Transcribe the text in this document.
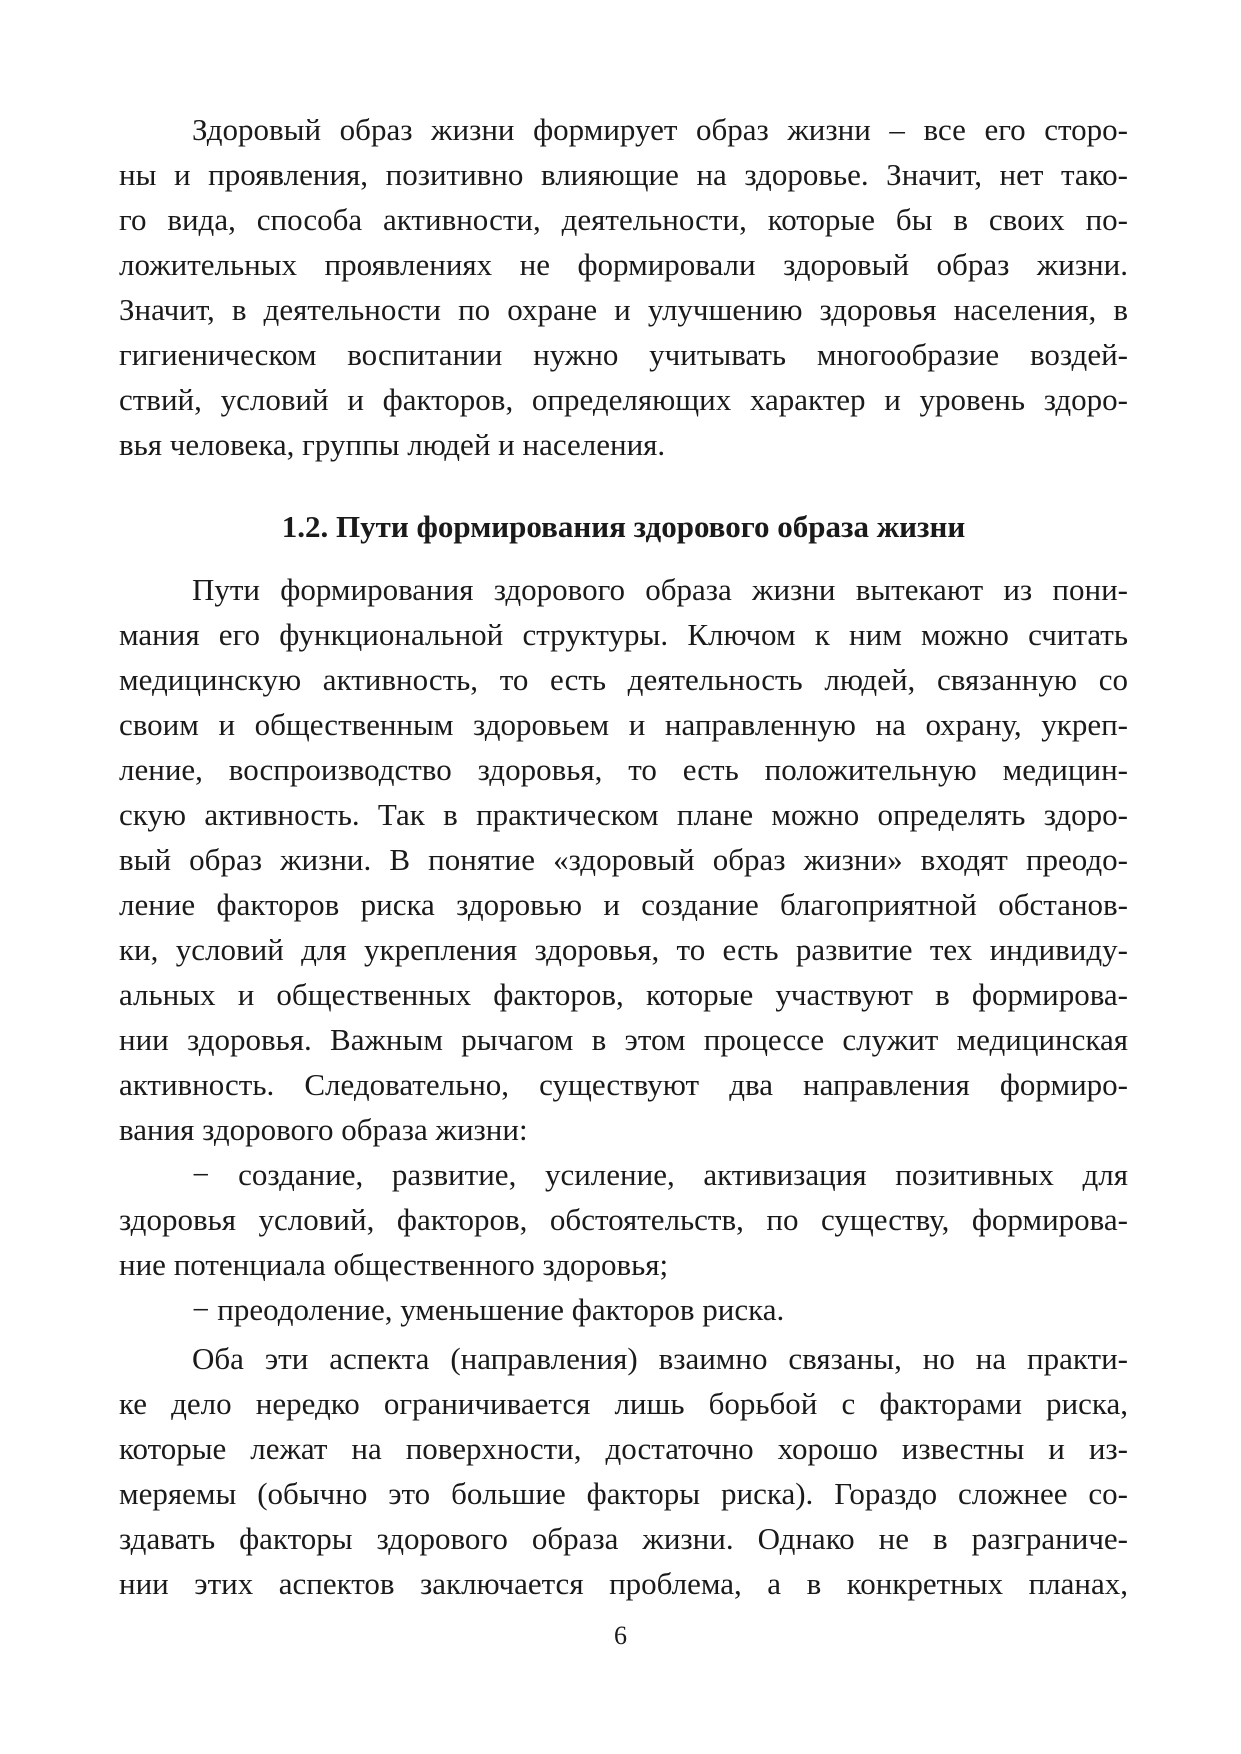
Здоровый образ жизни формирует образ жизни – все его сторо-

ны и проявления, позитивно влияющие на здоровье. Значит, нет тако-

го вида, способа активности, деятельности, которые бы в своих по-

ложительных проявлениях не формировали здоровый образ жизни.

Значит, в деятельности по охране и улучшению здоровья населения, в

гигиеническом воспитании нужно учитывать многообразие воздей-

ствий, условий и факторов, определяющих характер и уровень здоро-

вья человека, группы людей и населения.

1.2. Пути формирования здорового образа жизни

Пути формирования здорового образа жизни вытекают из пони-

мания его функциональной структуры. Ключом к ним можно считать

медицинскую активность, то есть деятельность людей, связанную со

своим и общественным здоровьем и направленную на охрану, укреп-

ление, воспроизводство здоровья, то есть положительную медицин-

скую активность. Так в практическом плане можно определять здоро-

вый образ жизни. В понятие «здоровый образ жизни» входят преодо-

ление факторов риска здоровью и создание благоприятной обстанов-

ки, условий для укрепления здоровья, то есть развитие тех индивиду-

альных и общественных факторов, которые участвуют в формирова-

нии здоровья. Важным рычагом в этом процессе служит медицинская

активность. Следовательно, существуют два направления формиро-

вания здорового образа жизни:

− создание, развитие, усиление, активизация позитивных для

здоровья условий, факторов, обстоятельств, по существу, формирова-

ние потенциала общественного здоровья;

− преодоление, уменьшение факторов риска.

Оба эти аспекта (направления) взаимно связаны, но на практи-

ке дело нередко ограничивается лишь борьбой с факторами риска,

которые лежат на поверхности, достаточно хорошо известны и из-

меряемы (обычно это большие факторы риска). Гораздо сложнее со-

здавать факторы здорового образа жизни. Однако не в разграниче-

нии этих аспектов заключается проблема, а в конкретных планах,

6
